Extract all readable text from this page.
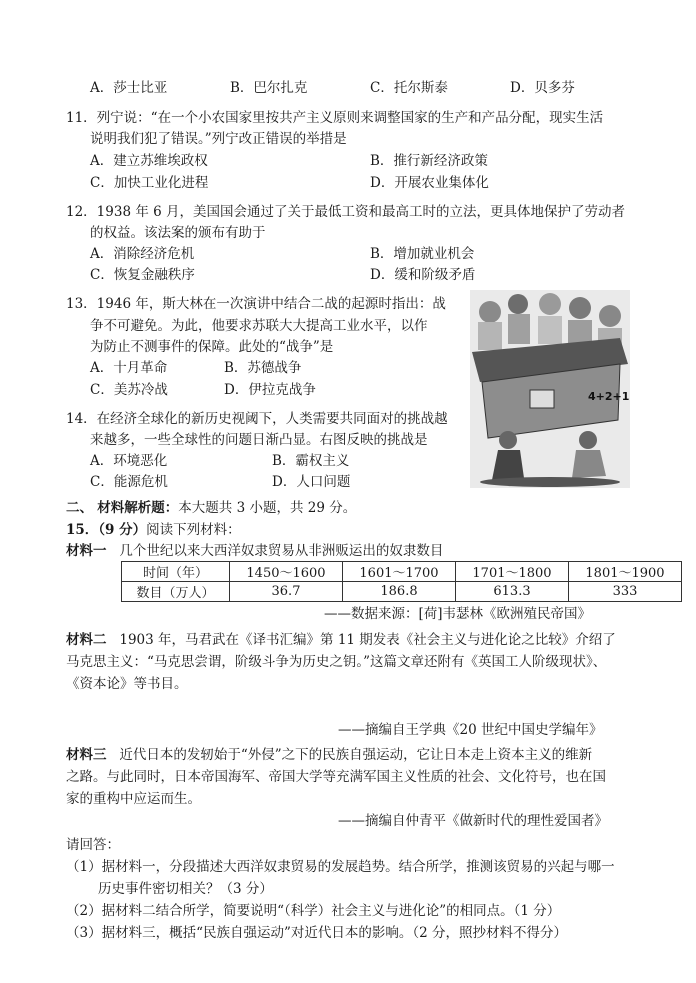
A．莎士比亚	B．巴尔扎克	C．托尔斯泰	D．贝多芬
11．列宁说：“在一个小农国家里按共产主义原则来调整国家的生产和产品分配，现实生活
说明我们犯了错误。”列宁改正错误的举措是
A．建立苏维埃政权	B．推行新经济政策
C．加快工业化进程	D．开展农业集体化
12．1938 年 6 月，美国国会通过了关于最低工资和最高工时的立法，更具体地保护了劳动者
的权益。该法案的颁布有助于
A．消除经济危机	B．增加就业机会
C．恢复金融秩序	D．缓和阶级矛盾
13．1946 年，斯大林在一次演讲中结合二战的起源时指出：战
争不可避免。为此，他要求苏联大大提高工业水平，以作
为防止不测事件的保障。此处的“战争”是
A．十月革命	B．苏德战争
C．美苏冷战	D．伊拉克战争
14．在经济全球化的新历史视阈下，人类需要共同面对的挑战越
来越多，一些全球性的问题日渐凸显。右图反映的挑战是
A．环境恶化	B．霸权主义
C．能源危机	D．人口问题
4+2+1
二、 材料解析题：本大题共 3 小题，共 29 分。
15．（9 分）阅读下列材料：
材料一 几个世纪以来大西洋奴隶贸易从非洲贩运出的奴隶数目
时间（年）	1450～1600	1601～1700	1701～1800	1801～1900
数目（万人）	36.7	186.8	613.3	333
——数据来源：[荷]韦瑟林《欧洲殖民帝国》
材料二 1903 年，马君武在《译书汇编》第 11 期发表《社会主义与进化论之比较》介绍了
马克思主义：“马克思尝谓，阶级斗争为历史之钥。”这篇文章还附有《英国工人阶级现状》、
《资本论》等书目。
——摘编自王学典《20 世纪中国史学编年》
材料三 近代日本的发轫始于“外侵”之下的民族自强运动，它让日本走上资本主义的维新
之路。与此同时，日本帝国海军、帝国大学等充满军国主义性质的社会、文化符号，也在国
家的重构中应运而生。
——摘编自仲青平《做新时代的理性爱国者》
请回答：
（1）据材料一，分段描述大西洋奴隶贸易的发展趋势。结合所学，推测该贸易的兴起与哪一
历史事件密切相关？（3 分）
（2）据材料二结合所学，简要说明“（科学）社会主义与进化论”的相同点。（1 分）
（3）据材料三，概括“民族自强运动”对近代日本的影响。（2 分，照抄材料不得分）
